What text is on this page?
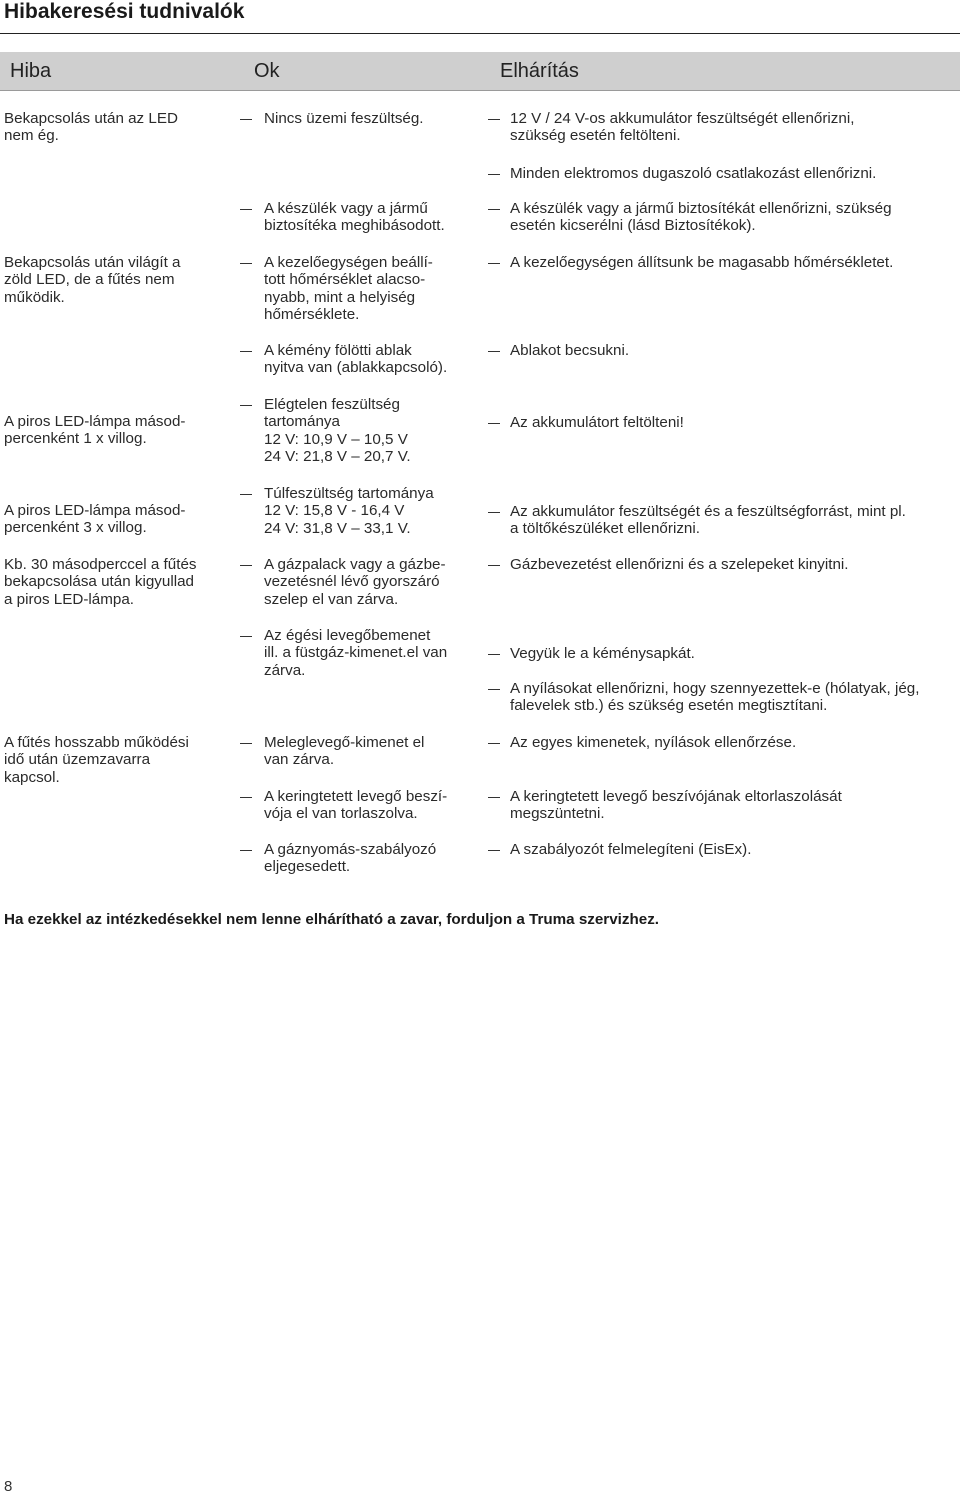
Hibakeresési tudnivalók
Hiba	Ok	Elhárítás
Bekapcsolás után az LED
nem ég.
Bekapcsolás után világít a
zöld LED, de a fűtés nem
működik.
A piros LED-lámpa másod-
percenként 1 x villog.
A piros LED-lámpa másod-
percenként 3 x villog.
Kb. 30 másodperccel a fűtés
bekapcsolása után kigyullad
a piros LED-lámpa.
A fűtés hosszabb működési
idő után üzemzavarra
kapcsol.
Nincs üzemi feszültség.
A készülék vagy a jármű
biztosítéka meghibásodott.
A kezelőegységen beállí-
tott hőmérséklet alacso-
nyabb, mint a helyiség
hőmérséklete.
A kémény fölötti ablak
nyitva van (ablakkapcsoló).
Elégtelen feszültség
tartománya
12 V: 10,9 V – 10,5 V
24 V: 21,8 V – 20,7 V.
Túlfeszültség tartománya
12 V: 15,8 V - 16,4 V
24 V: 31,8 V – 33,1 V.
A gázpalack vagy a gázbe-
vezetésnél lévő gyorszáró
szelep el van zárva.
Az égési levegőbemenet
ill. a füstgáz-kimenet.el van
zárva.
Meleglevegő-kimenet el
van zárva.
A keringtetett levegő beszí-
vója el van torlaszolva.
A gáznyomás-szabályozó
eljegesedett.
12 V / 24 V-os akkumulátor feszültségét ellenőrizni,
szükség esetén feltölteni.
Minden elektromos dugaszoló csatlakozást ellenőrizni.
A készülék vagy a jármű biztosítékát ellenőrizni, szükség
esetén kicserélni (lásd Biztosítékok).
A kezelőegységen állítsunk be magasabb hőmérsékletet.
Ablakot becsukni.
Az akkumulátort feltölteni!
Az akkumulátor feszültségét és a feszültségforrást, mint pl.
a töltőkészüléket ellenőrizni.
Gázbevezetést ellenőrizni és a szelepeket kinyitni.
Vegyük le a kéménysapkát.
A nyílásokat ellenőrizni, hogy szennyezettek-e (hólatyak, jég,
falevelek stb.) és szükség esetén megtisztítani.
Az egyes kimenetek, nyílások ellenőrzése.
A keringtetett levegő beszívójának eltorlaszolását
megszüntetni.
A szabályozót felmelegíteni (EisEx).
Ha ezekkel az intézkedésekkel nem lenne elhárítható a zavar, forduljon a Truma szervizhez.
8
